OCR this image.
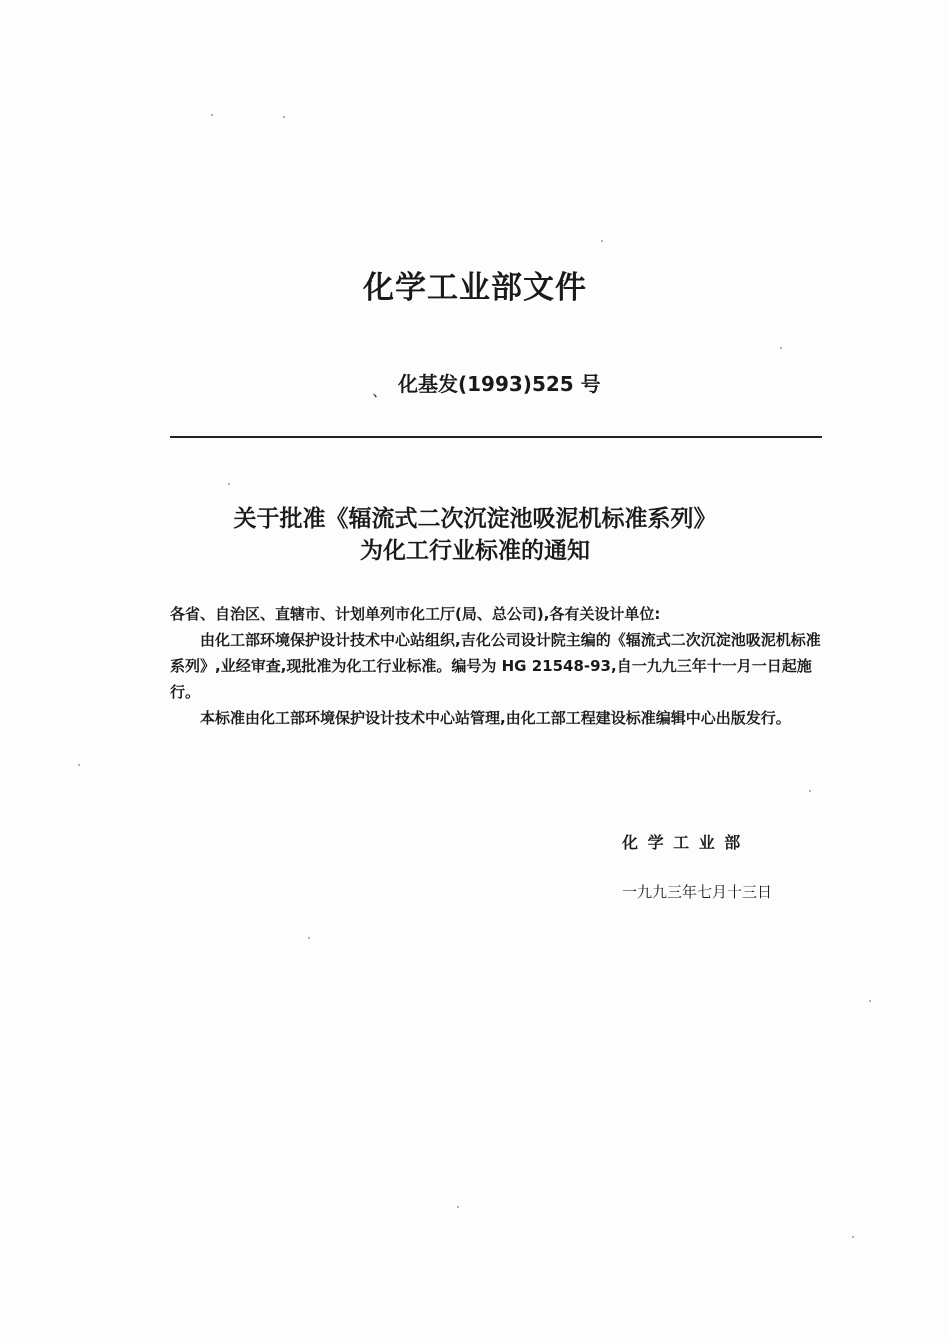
化学工业部文件
、 化基发(1993)525 号
关于批准《辐流式二次沉淀池吸泥机标准系列》
为化工行业标准的通知

各省、自治区、直辖市、计划单列市化工厅(局、总公司),各有关设计单位:

由化工部环境保护设计技术中心站组织,吉化公司设计院主编的《辐流式二次沉淀池吸泥机标准系列》,业经审查,现批准为化工行业标准。编号为 HG 21548-93,自一九九三年十一月一日起施行。

本标准由化工部环境保护设计技术中心站管理,由化工部工程建设标准编辑中心出版发行。

化 学 工 业 部
一九九三年七月十三日
